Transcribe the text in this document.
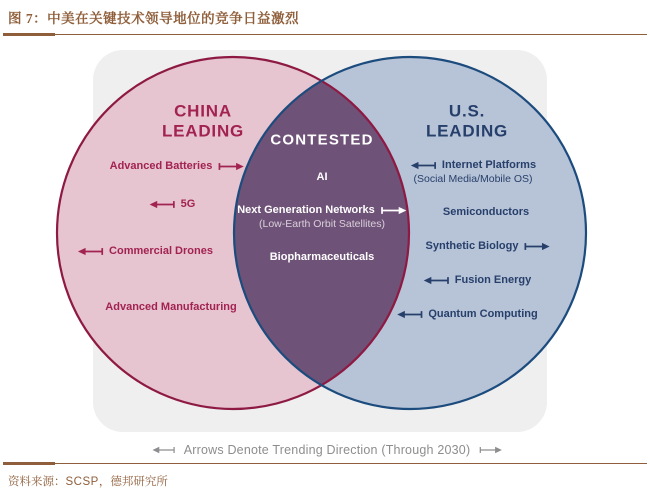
图 7：中美在关键技术领导地位的竞争日益激烈
CHINA
LEADING
Advanced Batteries
5G
Commercial Drones
Advanced Manufacturing
CONTESTED
AI
Next Generation Networks
(Low-Earth Orbit Satellites)
Biopharmaceuticals
U.S.
LEADING
Internet Platforms
(Social Media/Mobile OS)
Semiconductors
Synthetic Biology
Fusion Energy
Quantum Computing
Arrows Denote Trending Direction (Through 2030)
资料来源：SCSP，德邦研究所
